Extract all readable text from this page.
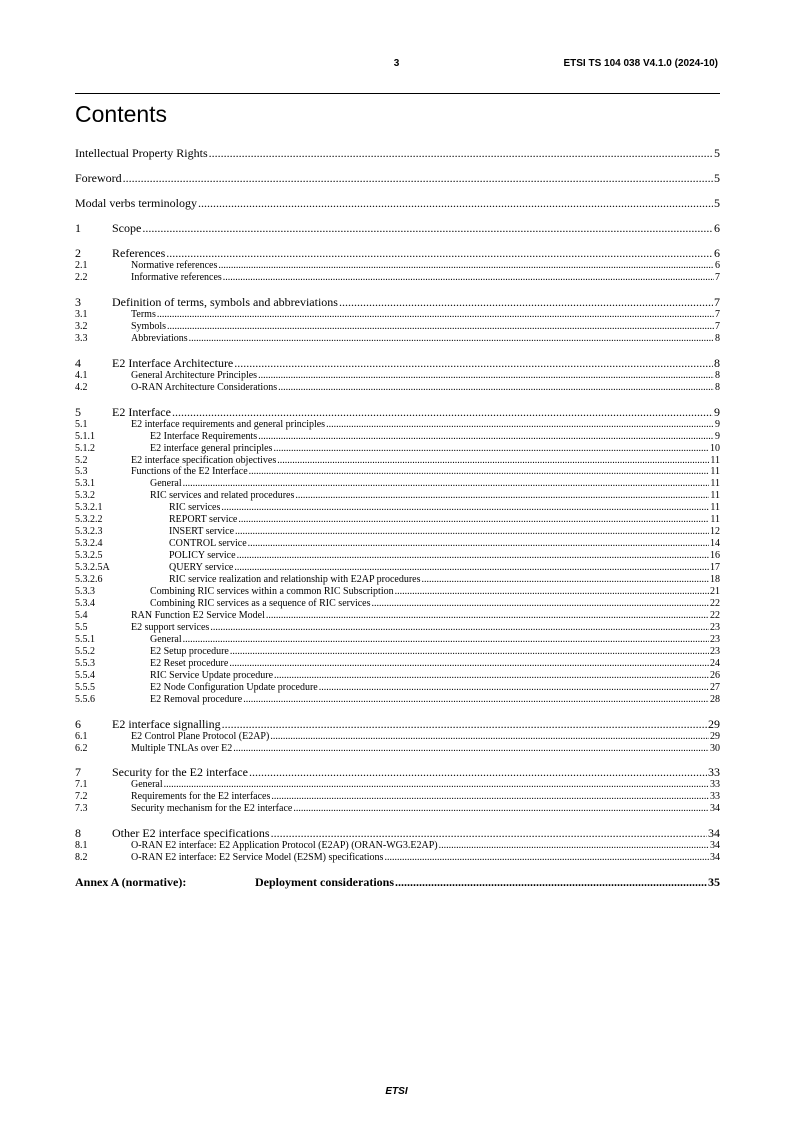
3	ETSI TS 104 038 V4.1.0 (2024-10)
Contents
Intellectual Property Rights .....	5
Foreword .....	5
Modal verbs terminology .....	5
1	Scope .....	6
2	References .....	6
2.1	Normative references .....	6
2.2	Informative references .....	7
3	Definition of terms, symbols and abbreviations .....	7
3.1	Terms .....	7
3.2	Symbols .....	7
3.3	Abbreviations .....	8
4	E2 Interface Architecture .....	8
4.1	General Architecture Principles .....	8
4.2	O-RAN Architecture Considerations .....	8
5	E2 Interface .....	9
5.1	E2 interface requirements and general principles .....	9
5.1.1	E2 Interface Requirements .....	9
5.1.2	E2 interface general principles .....	10
5.2	E2 interface specification objectives .....	11
5.3	Functions of the E2 Interface .....	11
5.3.1	General .....	11
5.3.2	RIC services and related procedures .....	11
5.3.2.1	RIC services .....	11
5.3.2.2	REPORT service .....	11
5.3.2.3	INSERT service .....	12
5.3.2.4	CONTROL service .....	14
5.3.2.5	POLICY service .....	16
5.3.2.5A	QUERY service .....	17
5.3.2.6	RIC service realization and relationship with E2AP procedures .....	18
5.3.3	Combining RIC services within a common RIC Subscription .....	21
5.3.4	Combining RIC services as a sequence of RIC services .....	22
5.4	RAN Function E2 Service Model .....	22
5.5	E2 support services .....	23
5.5.1	General .....	23
5.5.2	E2 Setup procedure .....	23
5.5.3	E2 Reset procedure .....	24
5.5.4	RIC Service Update procedure .....	26
5.5.5	E2 Node Configuration Update procedure .....	27
5.5.6	E2 Removal procedure .....	28
6	E2 interface signalling .....	29
6.1	E2 Control Plane Protocol (E2AP) .....	29
6.2	Multiple TNLAs over E2 .....	30
7	Security for the E2 interface .....	33
7.1	General .....	33
7.2	Requirements for the E2 interfaces .....	33
7.3	Security mechanism for the E2 interface .....	34
8	Other E2 interface specifications .....	34
8.1	O-RAN E2 interface: E2 Application Protocol (E2AP) (ORAN-WG3.E2AP) .....	34
8.2	O-RAN E2 interface: E2 Service Model (E2SM) specifications .....	34
Annex A (normative):	Deployment considerations .....	35
ETSI
